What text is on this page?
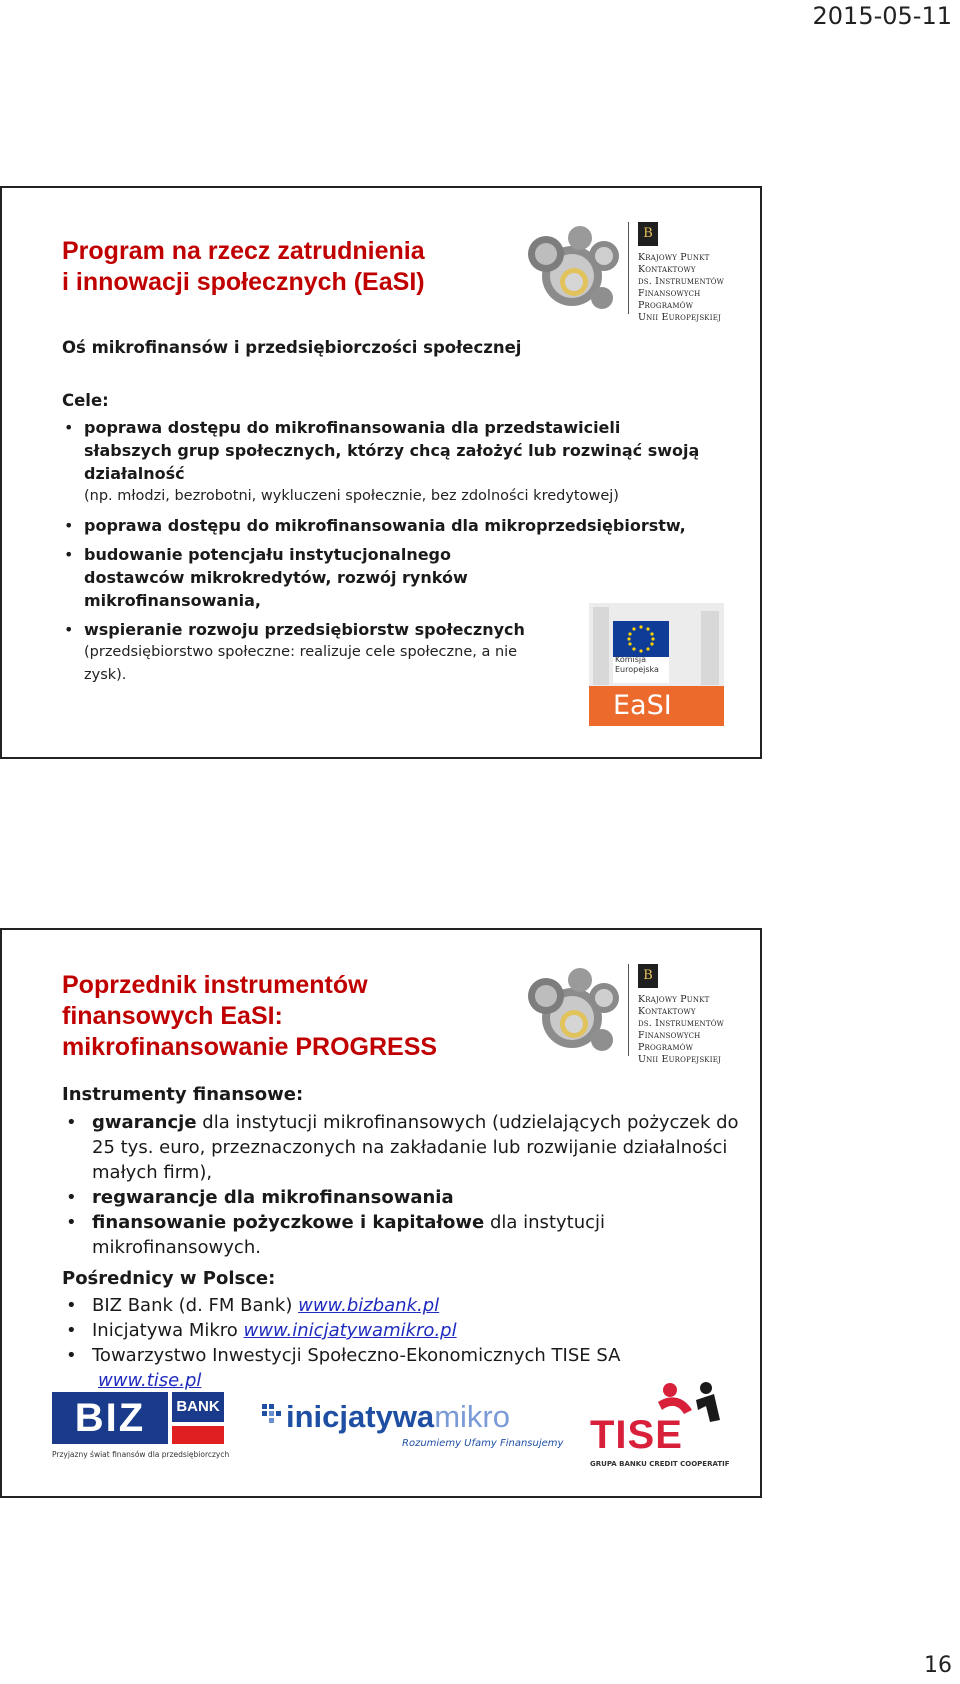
2015-05-11
Program na rzecz zatrudnienia
i innowacji społecznych (EaSI)
B
Krajowy Punkt
Kontaktowy
ds. Instrumentów
Finansowych
Programów
Unii Europejskiej
Oś mikrofinansów i przedsiębiorczości społecznej
Cele:
• poprawa dostępu do mikrofinansowania dla przedstawicieli słabszych grup społecznych, którzy chcą założyć lub rozwinąć swoją działalność
(np. młodzi, bezrobotni, wykluczeni społecznie, bez zdolności kredytowej)
• poprawa dostępu do mikrofinansowania dla mikroprzedsiębiorstw,
• budowanie potencjału instytucjonalnego dostawców mikrokredytów, rozwój rynków mikrofinansowania,
• wspieranie rozwoju przedsiębiorstw społecznych
(przedsiębiorstwo społeczne: realizuje cele społeczne, a nie zysk).
Komisja
Europejska
EaSI
Poprzednik instrumentów
finansowych EaSI:
mikrofinansowanie PROGRESS
B
Krajowy Punkt
Kontaktowy
ds. Instrumentów
Finansowych
Programów
Unii Europejskiej
Instrumenty finansowe:
• gwarancje dla instytucji mikrofinansowych (udzielających pożyczek do 25 tys. euro, przeznaczonych na zakładanie lub rozwijanie działalności małych firm),
• regwarancje dla mikrofinansowania
• finansowanie pożyczkowe i kapitałowe dla instytucji mikrofinansowych.
Pośrednicy w Polsce:
• BIZ Bank (d. FM Bank) www.bizbank.pl
• Inicjatywa Mikro www.inicjatywamikro.pl
• Towarzystwo Inwestycji Społeczno-Ekonomicznych TISE SA
www.tise.pl
BIZ	BANK
Przyjazny świat finansów dla przedsiębiorczych
inicjatywamikro
Rozumiemy Ufamy Finansujemy TISE
GRUPA BANKU CREDIT COOPERATIF
16
